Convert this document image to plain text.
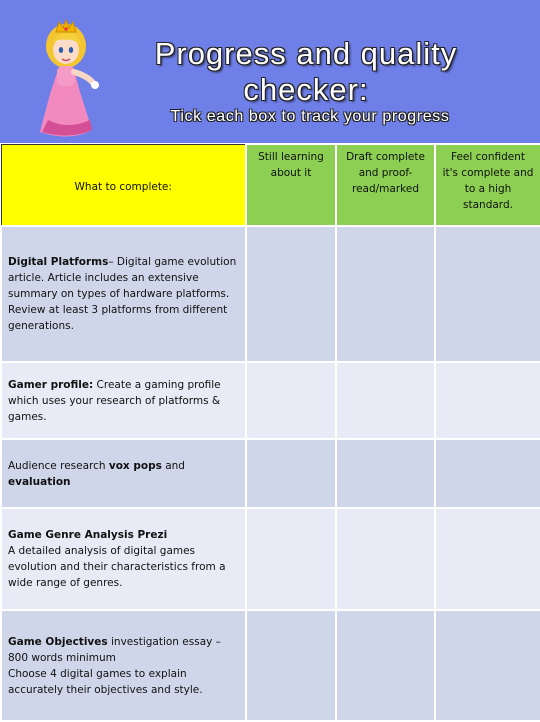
Progress and quality checker:
Tick each box to track your progress
What to complete:	Still learning about it	Draft complete and proof-read/marked	Feel confident it's complete and to a high standard.
Digital Platforms– Digital game evolution article. Article includes an extensive summary on types of hardware platforms. Review at least 3 platforms from different generations.			
Gamer profile: Create a gaming profile which uses your research of platforms & games.			
Audience research vox pops and evaluation			
Game Genre Analysis Prezi
A detailed analysis of digital games evolution and their characteristics from a wide range of genres.			
Game Objectives investigation essay – 800 words minimum
Choose 4 digital games to explain accurately their objectives and style.			
